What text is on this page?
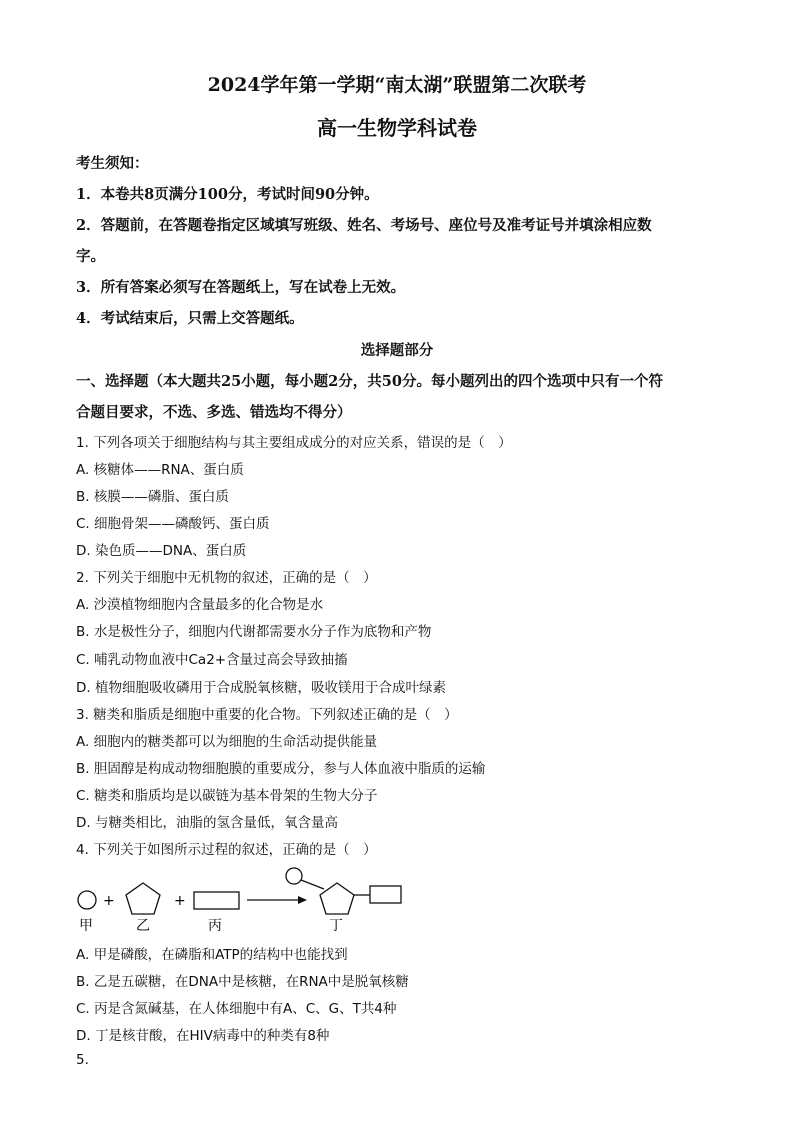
2024学年第一学期“南太湖”联盟第二次联考
高一生物学科试卷
考生须知：
1．本卷共8页满分100分，考试时间90分钟。
2．答题前，在答题卷指定区域填写班级、姓名、考场号、座位号及准考证号并填涂相应数
字。
3．所有答案必须写在答题纸上，写在试卷上无效。
4．考试结束后，只需上交答题纸。
选择题部分
一、选择题（本大题共25小题，每小题2分，共50分。每小题列出的四个选项中只有一个符
合题目要求，不选、多选、错选均不得分）
1. 下列各项关于细胞结构与其主要组成成分的对应关系，错误的是（　）
A. 核糖体——RNA、蛋白质
B. 核膜——磷脂、蛋白质
C. 细胞骨架——磷酸钙、蛋白质
D. 染色质——DNA、蛋白质
2. 下列关于细胞中无机物的叙述，正确的是（　）
A. 沙漠植物细胞内含量最多的化合物是水
B. 水是极性分子，细胞内代谢都需要水分子作为底物和产物
C. 哺乳动物血液中Ca2+含量过高会导致抽搐
D. 植物细胞吸收磷用于合成脱氧核糖，吸收镁用于合成叶绿素
3. 糖类和脂质是细胞中重要的化合物。下列叙述正确的是（　）
A. 细胞内的糖类都可以为细胞的生命活动提供能量
B. 胆固醇是构成动物细胞膜的重要成分，参与人体血液中脂质的运输
C. 糖类和脂质均是以碳链为基本骨架的生物大分子
D. 与糖类相比，油脂的氢含量低，氧含量高
4. 下列关于如图所示过程的叙述，正确的是（　）
甲
+
乙
+
丙	丁
A. 甲是磷酸，在磷脂和ATP的结构中也能找到
B. 乙是五碳糖，在DNA中是核糖，在RNA中是脱氧核糖
C. 丙是含氮碱基，在人体细胞中有A、C、G、T共4种
D. 丁是核苷酸，在HIV病毒中的种类有8种
5.
